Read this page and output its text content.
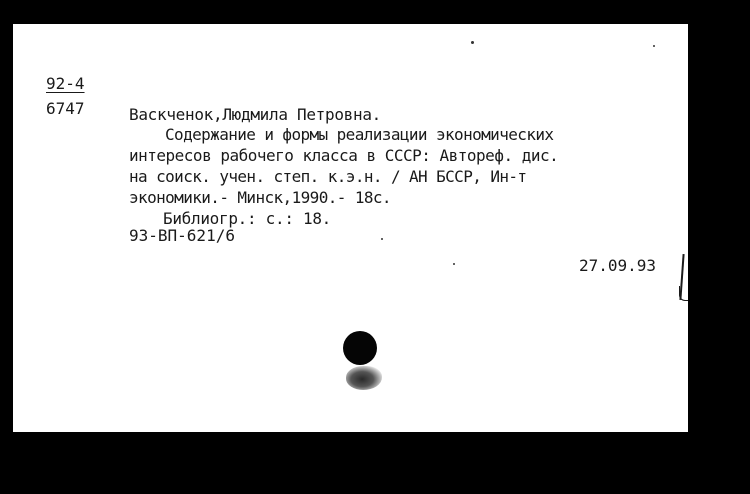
92-4
6747	Васкченок,Людмила Петровна.
Содержание и формы реализации экономических
интересов рабочего класса в СССР: Автореф. дис.
на соиск. учен. степ. к.э.н. / АН БССР, Ин-т
экономики.- Минск,1990.- 18с.
Библиогр.: с.: 18.
93-ВП-621/6
27.09.93
